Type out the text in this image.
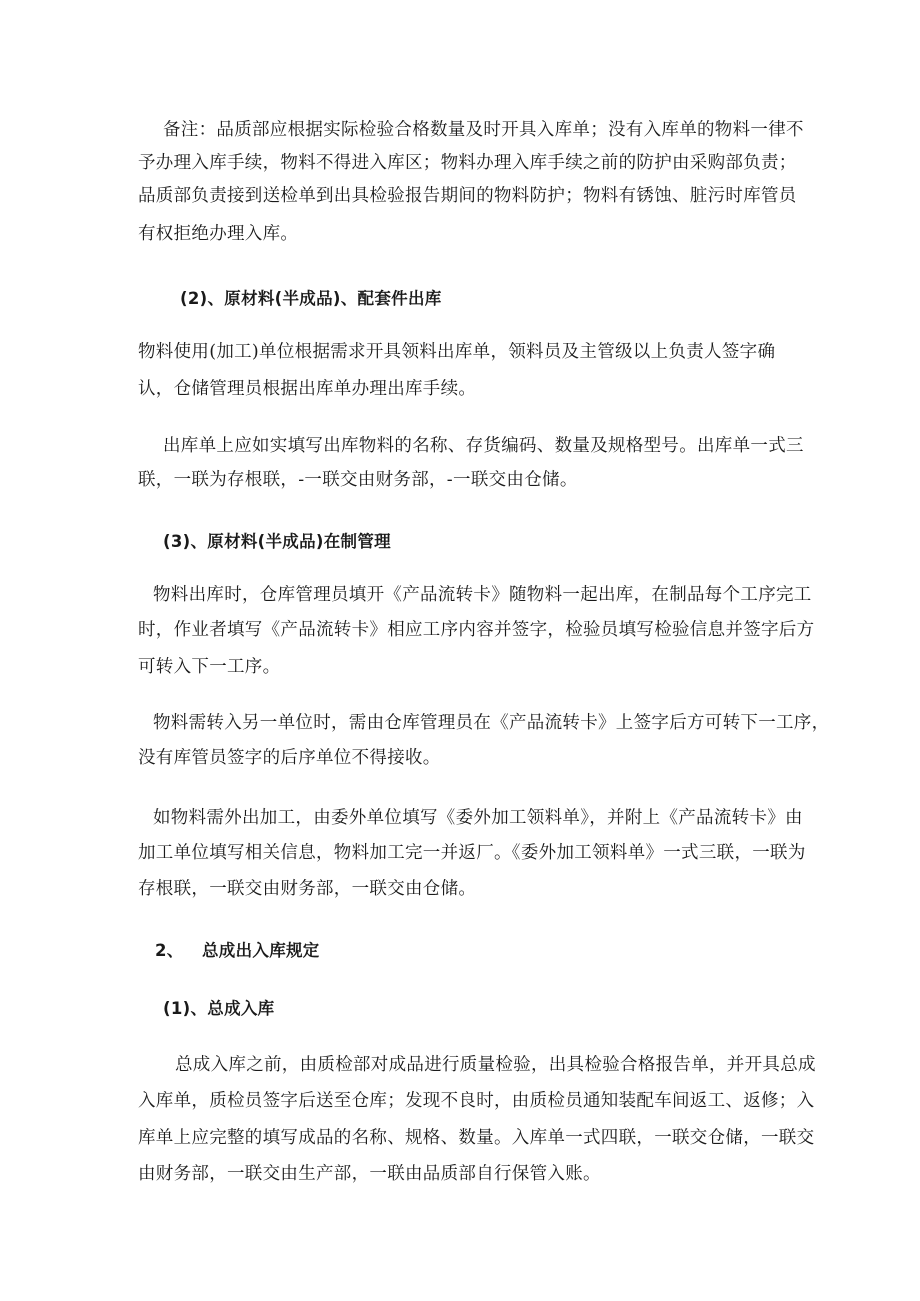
备注：品质部应根据实际检验合格数量及时开具入库单；没有入库单的物料一律不
予办理入库手续，物料不得进入库区；物料办理入库手续之前的防护由采购部负责；
品质部负责接到送检单到出具检验报告期间的物料防护；物料有锈蚀、脏污时库管员
有权拒绝办理入库。
(2)、原材料(半成品)、配套件出库
物料使用(加工)单位根据需求开具领料出库单，领料员及主管级以上负责人签字确
认，仓储管理员根据出库单办理出库手续。
出库单上应如实填写出库物料的名称、存货编码、数量及规格型号。出库单一式三
联，一联为存根联，-一联交由财务部，-一联交由仓储。
(3)、原材料(半成品)在制管理
物料出库时，仓库管理员填开《产品流转卡》随物料一起出库，在制品每个工序完工
时，作业者填写《产品流转卡》相应工序内容并签字，检验员填写检验信息并签字后方
可转入下一工序。
物料需转入另一单位时，需由仓库管理员在《产品流转卡》上签字后方可转下一工序，
没有库管员签字的后序单位不得接收。
如物料需外出加工，由委外单位填写《委外加工领料单》，并附上《产品流转卡》由
加工单位填写相关信息，物料加工完一并返厂。《委外加工领料单》一式三联，一联为
存根联，一联交由财务部，一联交由仓储。
2、 总成出入库规定
(1)、总成入库
总成入库之前，由质检部对成品进行质量检验，出具检验合格报告单，并开具总成
入库单，质检员签字后送至仓库；发现不良时，由质检员通知装配车间返工、返修；入
库单上应完整的填写成品的名称、规格、数量。入库单一式四联，一联交仓储，一联交
由财务部，一联交由生产部，一联由品质部自行保管入账。
